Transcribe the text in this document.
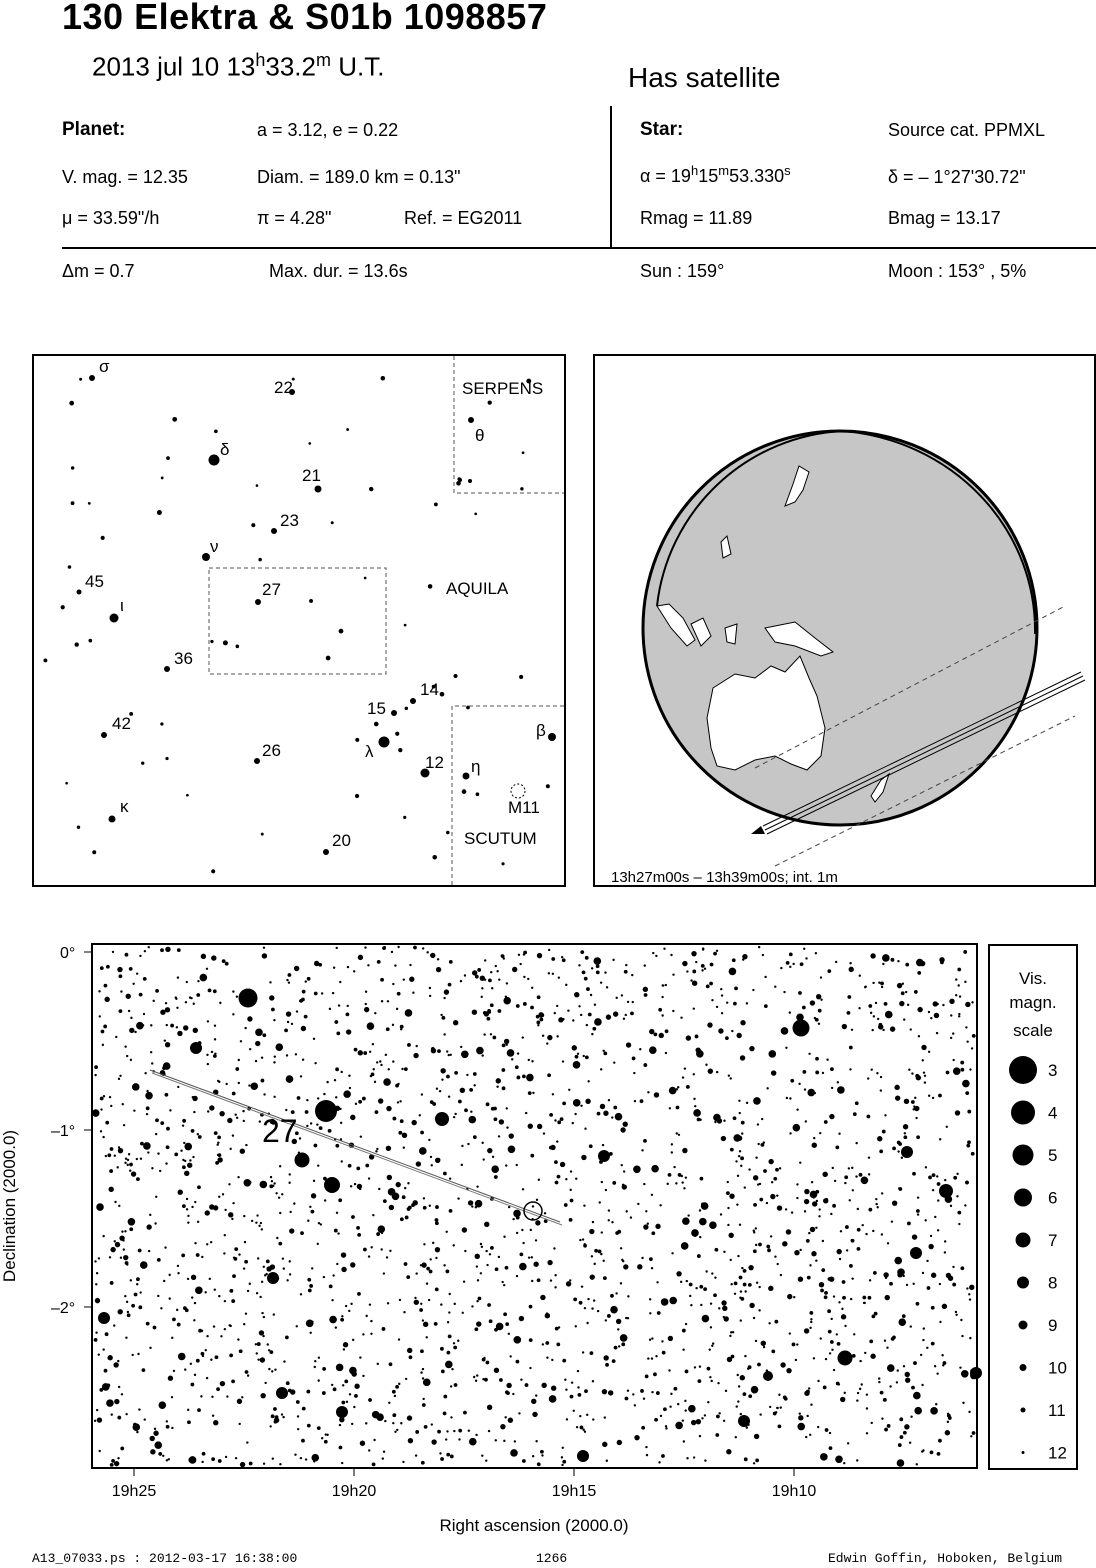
130 Elektra & S01b 1098857
2013 jul 10 13$^h$33.2$^m$ U.T.	Has satellite
Planet:	a = 3.12, e = 0.22
V. mag. = 12.35	Diam. = 189.0 km = 0.13"
μ = 33.59"/h	π = 4.28"	Ref. = EG2011
Star:	Source cat. PPMXL
$\alpha = 19^h15^m53.330^s$	δ = – 1°27'30.72"
Rmag = 11.89	Bmag = 13.17
Δm = 0.7	Max. dur. = 13.6s	Sun : 159°	Moon : 153° , 5%
SERPENS
AQUILA
SCUTUM
M11
σ
δ
ν
ι
κ
θ
λ
η
β
22
21
23
27
45
36
42
26
20
15
14
12
13h27m00s – 13h39m00s; int. 1m
27
0°
–1°
–2°
19h25	19h20	19h15	19h10
Right ascension (2000.0)
Declination (2000.0)
Vis.
magn.
scale
3
4
5
6
7
8
9
10
11
12
A13_07033.ps : 2012-03-17 16:38:00	1266	Edwin Goffin, Hoboken, Belgium
